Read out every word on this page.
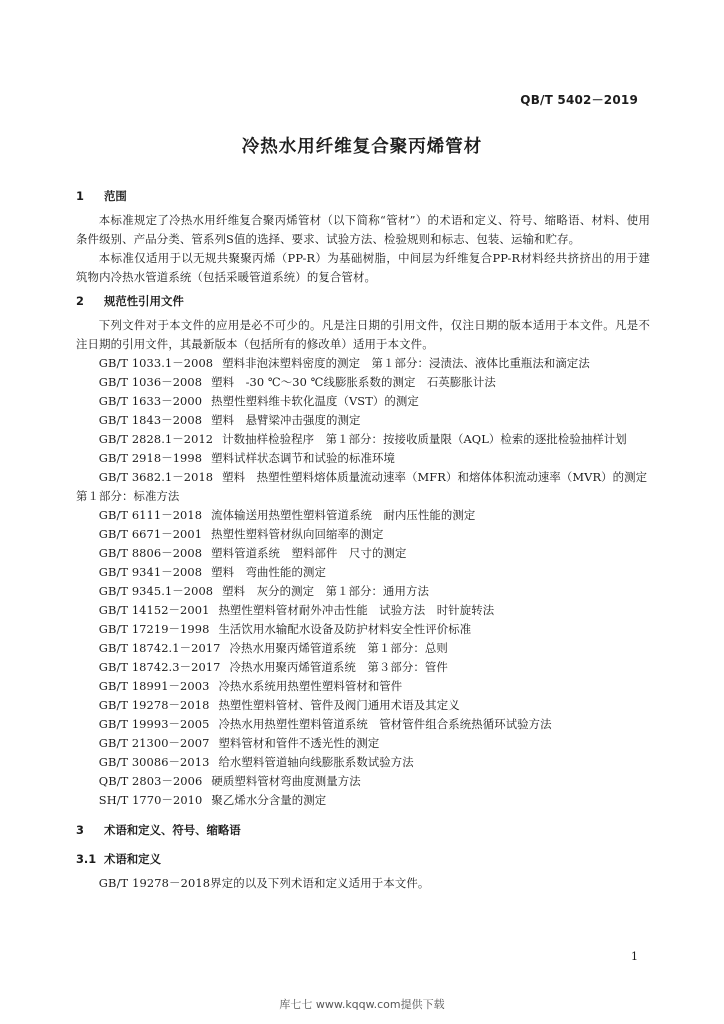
QB/T 5402－2019
冷热水用纤维复合聚丙烯管材
1 范围

本标准规定了冷热水用纤维复合聚丙烯管材（以下简称“管材”）的术语和定义、符号、缩略语、材料、使用条件级别、产品分类、管系列S值的选择、要求、试验方法、检验规则和标志、包装、运输和贮存。

本标准仅适用于以无规共聚聚丙烯（PP-R）为基础树脂，中间层为纤维复合PP-R材料经共挤挤出的用于建筑物内冷热水管道系统（包括采暖管道系统）的复合管材。

2 规范性引用文件

下列文件对于本文件的应用是必不可少的。凡是注日期的引用文件，仅注日期的版本适用于本文件。凡是不注日期的引用文件，其最新版本（包括所有的修改单）适用于本文件。

GB/T 1033.1－2008 塑料非泡沫塑料密度的测定　第１部分：浸渍法、液体比重瓶法和滴定法

GB/T 1036－2008 塑料　-30 ℃～30 ℃线膨胀系数的测定　石英膨胀计法

GB/T 1633－2000 热塑性塑料维卡软化温度（VST）的测定

GB/T 1843－2008 塑料　悬臂梁冲击强度的测定

GB/T 2828.1－2012 计数抽样检验程序　第１部分：按接收质量限（AQL）检索的逐批检验抽样计划

GB/T 2918－1998 塑料试样状态调节和试验的标准环境

GB/T 3682.1－2018 塑料　热塑性塑料熔体质量流动速率（MFR）和熔体体积流动速率（MVR）的测定　第１部分：标准方法

GB/T 6111－2018 流体输送用热塑性塑料管道系统　耐内压性能的测定

GB/T 6671－2001 热塑性塑料管材纵向回缩率的测定

GB/T 8806－2008 塑料管道系统　塑料部件　尺寸的测定

GB/T 9341－2008 塑料　弯曲性能的测定

GB/T 9345.1－2008 塑料　灰分的测定　第１部分：通用方法

GB/T 14152－2001 热塑性塑料管材耐外冲击性能　试验方法　时针旋转法

GB/T 17219－1998 生活饮用水输配水设备及防护材料安全性评价标准

GB/T 18742.1－2017 冷热水用聚丙烯管道系统　第１部分：总则

GB/T 18742.3－2017 冷热水用聚丙烯管道系统　第３部分：管件

GB/T 18991－2003 冷热水系统用热塑性塑料管材和管件

GB/T 19278－2018 热塑性塑料管材、管件及阀门通用术语及其定义

GB/T 19993－2005 冷热水用热塑性塑料管道系统　管材管件组合系统热循环试验方法

GB/T 21300－2007 塑料管材和管件不透光性的测定

GB/T 30086－2013 给水塑料管道轴向线膨胀系数试验方法

QB/T 2803－2006 硬质塑料管材弯曲度测量方法

SH/T 1770－2010 聚乙烯水分含量的测定

3 术语和定义、符号、缩略语
3.1 术语和定义

GB/T 19278－2018界定的以及下列术语和定义适用于本文件。

1
库七七 www.kqqw.com提供下载
